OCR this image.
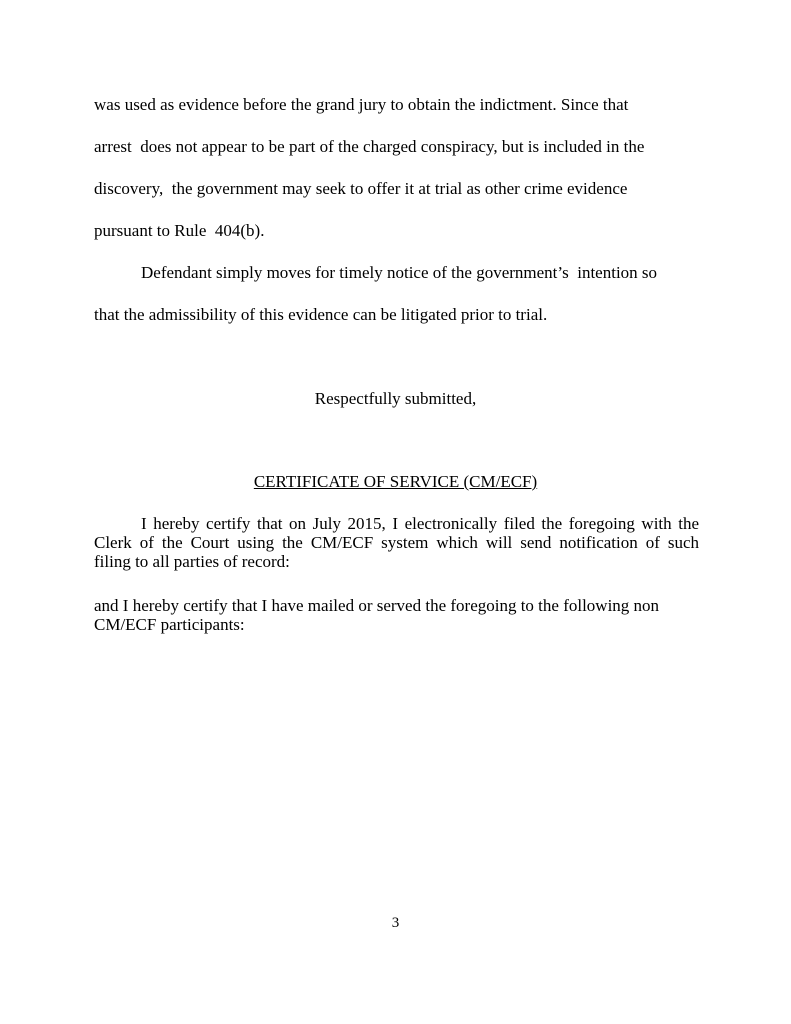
was used as evidence before the grand jury to obtain the indictment. Since that
arrest  does not appear to be part of the charged conspiracy, but is included in the
discovery,  the government may seek to offer it at trial as other crime evidence
pursuant to Rule  404(b).
Defendant simply moves for timely notice of the government’s  intention so
that the admissibility of this evidence can be litigated prior to trial.
Respectfully submitted,
CERTIFICATE OF SERVICE (CM/ECF)
I hereby certify that on July 2015, I electronically filed the foregoing with the
Clerk of the Court using the CM/ECF system which will send notification of such
filing to all parties of record:
and I hereby certify that I have mailed or served the foregoing to the following non
CM/ECF participants:
3
